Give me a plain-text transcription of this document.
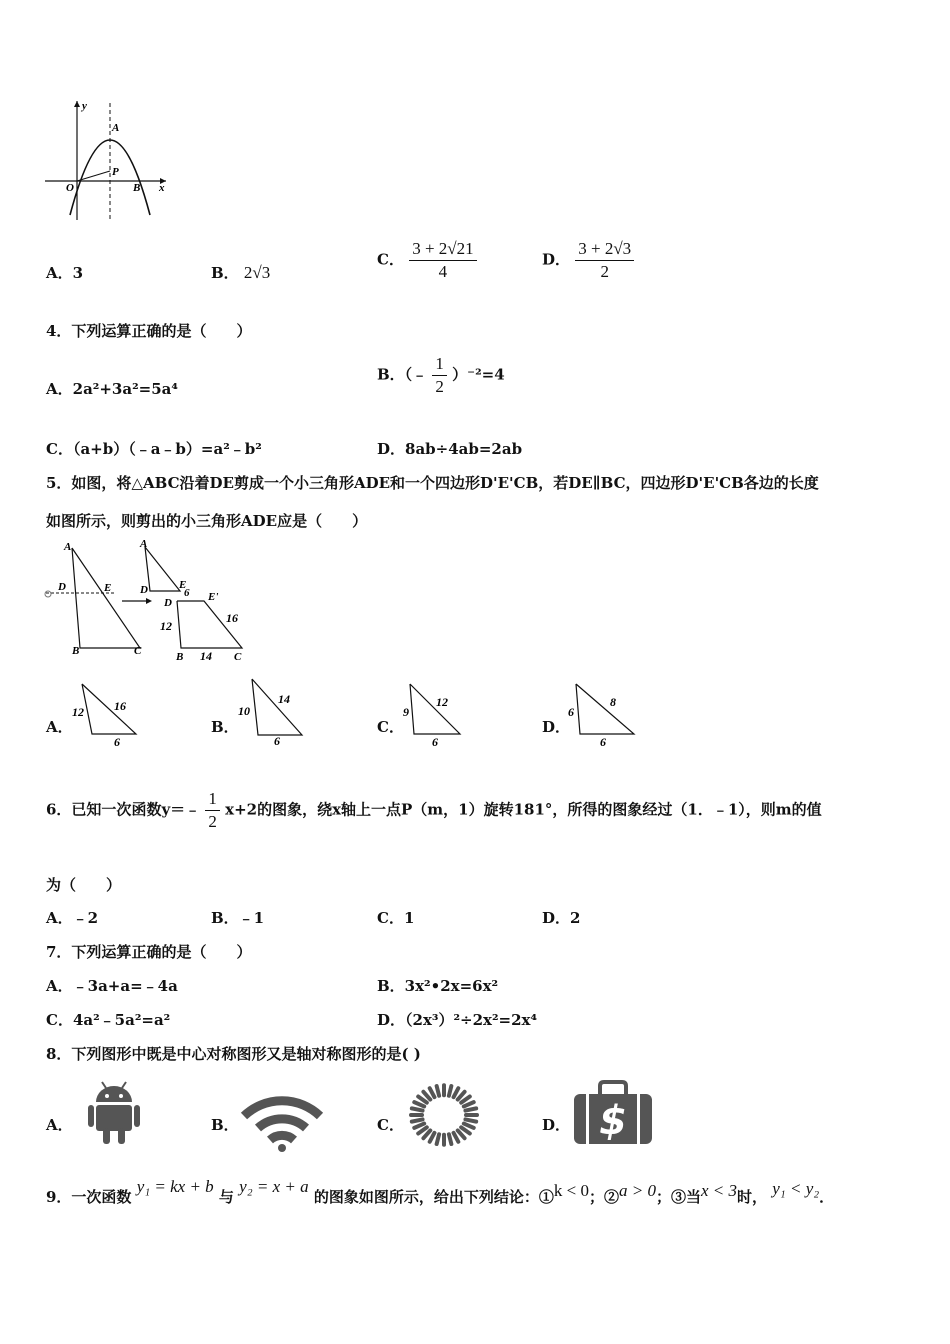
y
x
O
A
P
B
A．3	B． 2√3
C． $\frac{3 + 2√21}{4}$	D． $\frac{3 + 2√3}{2}$
4．下列运算正确的是（　　）
A．2a²+3a²=5a⁴
B．（﹣ $\frac{1}{2} )^{-2}=4$
C．（a+b）（﹣a﹣b）=a²﹣b²	D．8ab÷4ab=2ab
5．如图，将△ABC沿着DE剪成一个小三角形ADE和一个四边形D'E'CB，若DE∥BC，四边形D'E'CB各边的长度
如图所示，则剪出的小三角形ADE应是（　　）
A
D	E
B	C
A
D	E
D	E'
B	C
6
12
16
14
A．
12	16
6
B．
10
14
6
C．
9
12
6
D．
6
8
6
6．已知一次函数y＝﹣ $\frac{1}{2} x+2$的图象，绕x轴上一点P（m，1）旋转181°，所得的图象经过（1．﹣1），则m的值
为（　　）
A．﹣2	B．﹣1	C．1	D．2
7．下列运算正确的是（　　）
A．﹣3a+a=﹣4a	B．3x²•2x=6x²
C．4a²﹣5a²=a²	D．（2x³）²÷2x²=2x⁴
8．下列图形中既是中心对称图形又是轴对称图形的是( )
A．	B．	C．	D． $
9．一次函数 y₁ = kx + b 与 y₂ = x + a 的图象如图所示，给出下列结论：①k < 0；②a > 0；③当x < 3时， y₁ < y₂．
